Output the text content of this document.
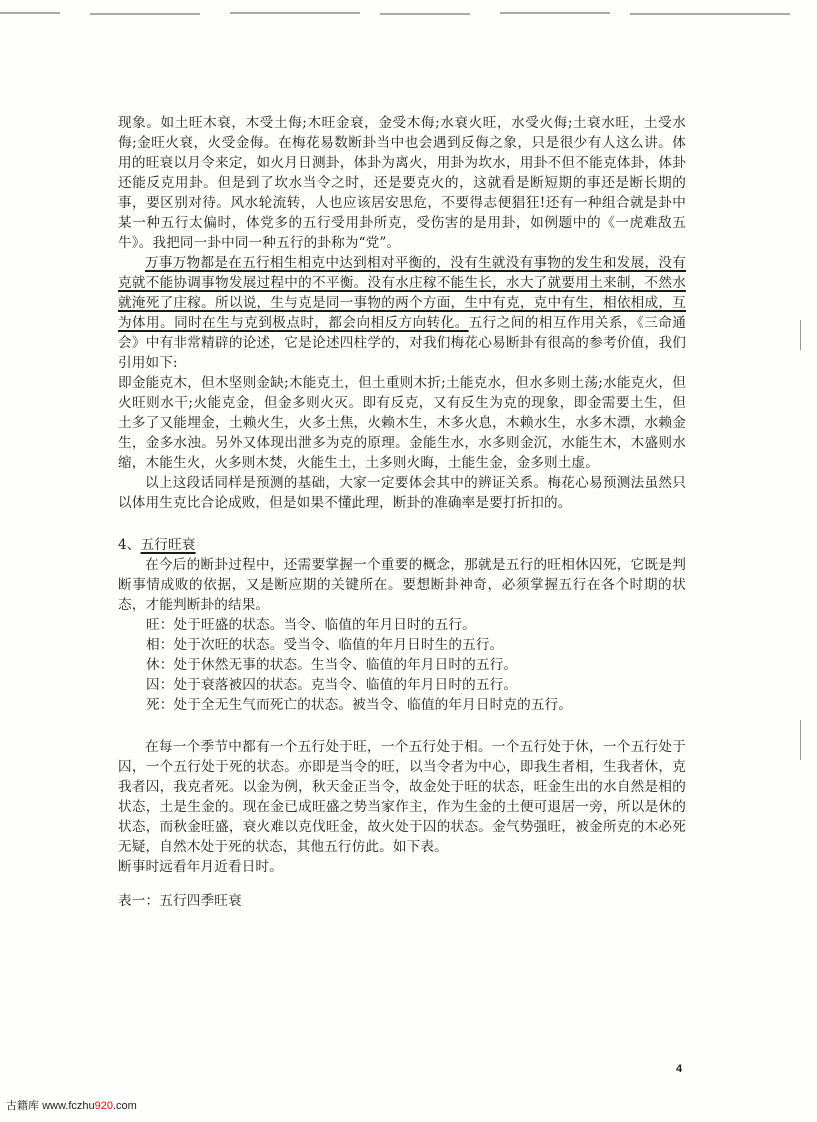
现象。如土旺木衰，木受土侮;木旺金衰，金受木侮;水衰火旺，水受火侮;土衰水旺，土受水侮;金旺火衰，火受金侮。在梅花易数断卦当中也会遇到反侮之象，只是很少有人这么讲。体用的旺衰以月令来定，如火月日测卦，体卦为离火，用卦为坎水，用卦不但不能克体卦，体卦还能反克用卦。但是到了坎水当令之时，还是要克火的，这就看是断短期的事还是断长期的事，要区别对待。风水轮流转，人也应该居安思危，不要得志便猖狂!还有一种组合就是卦中某一种五行太偏时，体党多的五行受用卦所克，受伤害的是用卦，如例题中的《一虎难敌五牛》。我把同一卦中同一种五行的卦称为“党”。

万事万物都是在五行相生相克中达到相对平衡的，没有生就没有事物的发生和发展，没有克就不能协调事物发展过程中的不平衡。没有水庄稼不能生长，水大了就要用土来制，不然水就淹死了庄稼。所以说，生与克是同一事物的两个方面，生中有克，克中有生，相依相成，互为体用。同时在生与克到极点时，都会向相反方向转化。五行之间的相互作用关系，《三命通会》中有非常精辟的论述，它是论述四柱学的，对我们梅花心易断卦有很高的参考价值，我们引用如下:

即金能克木，但木坚则金缺;木能克土，但土重则木折;土能克水，但水多则土荡;水能克火，但火旺则水干;火能克金，但金多则火灭。即有反克，又有反生为克的现象，即金需要土生，但土多了又能埋金，土赖火生，火多土焦，火赖木生，木多火息，木赖水生，水多木漂，水赖金生，金多水浊。另外又体现出泄多为克的原理。金能生水，水多则金沉，水能生木，木盛则水缩，木能生火，火多则木焚，火能生土，土多则火晦，土能生金，金多则土虚。

以上这段话同样是预测的基础，大家一定要体会其中的辨证关系。梅花心易预测法虽然只以体用生克比合论成败，但是如果不懂此理，断卦的准确率是要打折扣的。

4、五行旺衰

在今后的断卦过程中，还需要掌握一个重要的概念，那就是五行的旺相休囚死，它既是判断事情成败的依据，又是断应期的关键所在。要想断卦神奇，必须掌握五行在各个时期的状态，才能判断卦的结果。

旺：处于旺盛的状态。当令、临值的年月日时的五行。

相：处于次旺的状态。受当令、临值的年月日时生的五行。

休：处于休然无事的状态。生当令、临值的年月日时的五行。

囚：处于衰落被囚的状态。克当令、临值的年月日时的五行。

死：处于全无生气而死亡的状态。被当令、临值的年月日时克的五行。

在每一个季节中都有一个五行处于旺，一个五行处于相。一个五行处于休，一个五行处于囚，一个五行处于死的状态。亦即是当令的旺，以当令者为中心，即我生者相，生我者休，克我者囚，我克者死。以金为例，秋天金正当令，故金处于旺的状态，旺金生出的水自然是相的状态，土是生金的。现在金已成旺盛之势当家作主，作为生金的土便可退居一旁，所以是休的状态，而秋金旺盛，衰火难以克伐旺金，故火处于囚的状态。金气势强旺，被金所克的木必死无疑，自然木处于死的状态，其他五行仿此。如下表。

断事时远看年月近看日时。

表一：五行四季旺衰

4
古籍库 www.fczhu920.com
